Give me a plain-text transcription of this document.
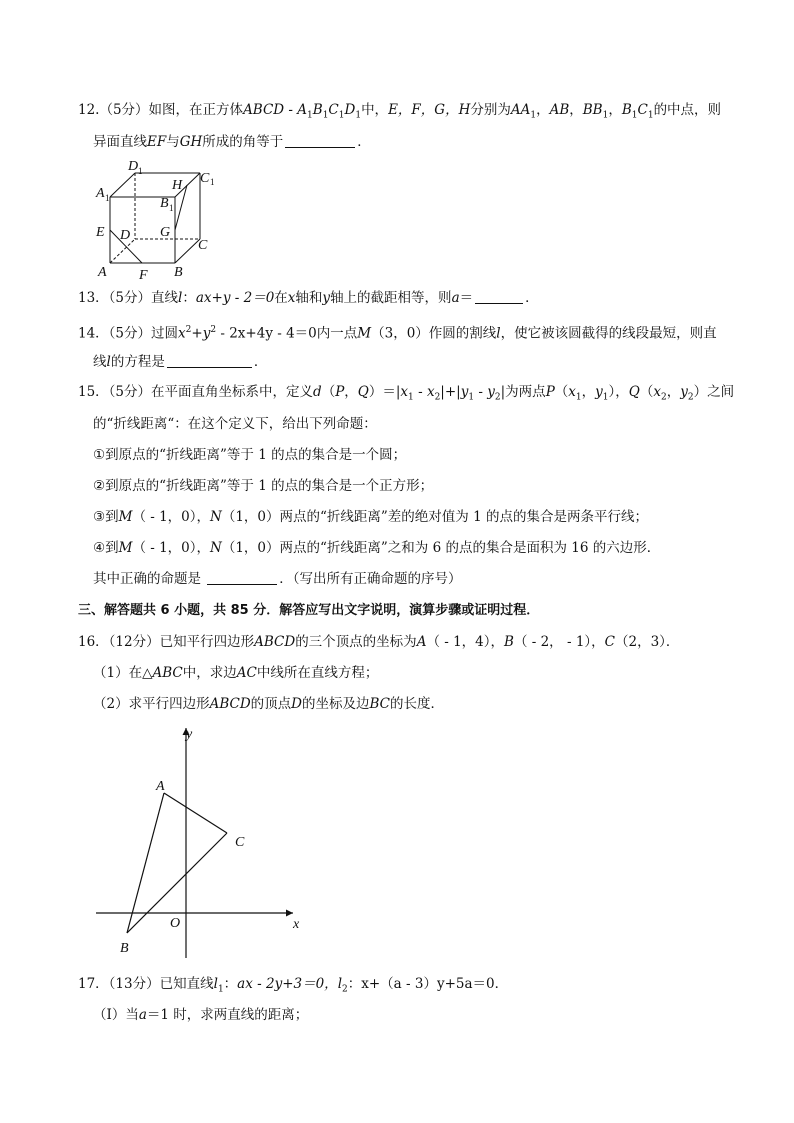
12.（5分）如图，在正方体ABCD - $A_1B_1C_1D_1$中，E，F，G，H分别为$AA_1$，AB，$BB_1$，$B_1C_1$的中点，则
异面直线EF与GH所成的角等于	．
D 1	C 1
A 1
H
B 1
E D G
C
A F B
13．（5分）直线l：ax+y - 2＝0在x轴和y轴上的截距相等，则a＝	．
14．（5分）过圆$x^2+y^2 - 2x+4y - 4=0$内一点M（3，0）作圆的割线l，使它被该圆截得的线段最短，则直
线l的方程是	．
15．（5分）在平面直角坐标系中，定义d（P，$Q)=|x_1 - x_2|+|y_1 - y_2|$为两点$P(x_1$，$y_1$），$Q(x_2$，$y_2$）之间
的“折线距离“：在这个定义下，给出下列命题：
①到原点的“折线距离”等于 1 的点的集合是一个圆；
②到原点的“折线距离”等于 1 的点的集合是一个正方形；
③到M（ - 1，0），N（1，0）两点的“折线距离”差的绝对值为 1 的点的集合是两条平行线；
④到M（ - 1，0），N（1，0）两点的“折线距离”之和为 6 的点的集合是面积为 16 的六边形．
其中正确的命题是	．（写出所有正确命题的序号）
三、解答题共 6 小题，共 85 分．解答应写出文字说明，演算步骤或证明过程．
16．（12分）已知平行四边形ABCD的三个顶点的坐标为A（ - 1，4），B（ - 2， - 1），C（2，3）．
（1）在△ABC中，求边AC中线所在直线方程；
（2）求平行四边形ABCD的顶点D的坐标及边BC的长度．
y
x
O
A
B
C
17．（13分）已知直线$l_1$：ax - 2y+3＝0，$l_2$：x+（a - 3）y+5a＝0．
（Ⅰ）当a＝1 时，求两直线的距离；
